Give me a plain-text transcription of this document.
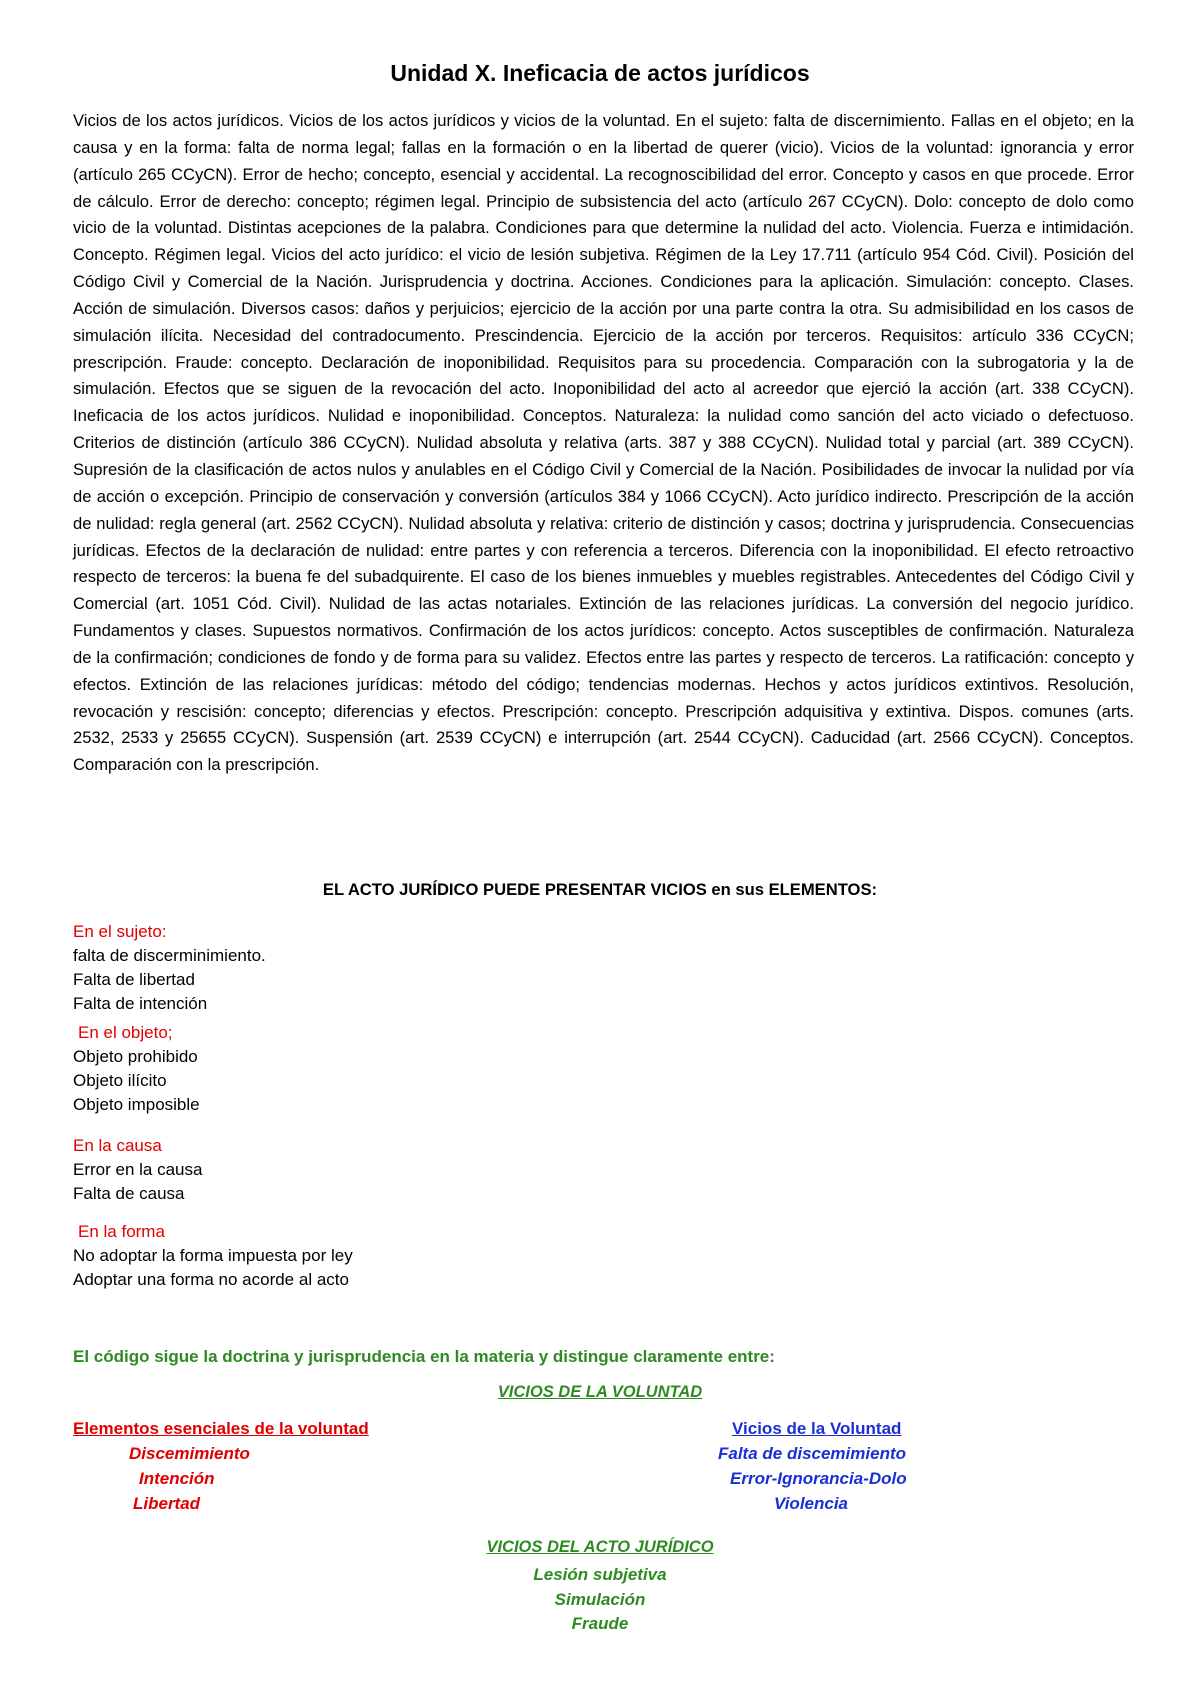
Unidad X. Ineficacia de actos jurídicos
Vicios de los actos jurídicos. Vicios de los actos jurídicos y vicios de la voluntad. En el sujeto: falta de discernimiento. Fallas en el objeto; en la causa y en la forma: falta de norma legal; fallas en la formación o en la libertad de querer (vicio). Vicios de la voluntad: ignorancia y error (artículo 265 CCyCN). Error de hecho; concepto, esencial y accidental. La recognoscibilidad del error. Concepto y casos en que procede. Error de cálculo. Error de derecho: concepto; régimen legal. Principio de subsistencia del acto (artículo 267 CCyCN). Dolo: concepto de dolo como vicio de la voluntad. Distintas acepciones de la palabra. Condiciones para que determine la nulidad del acto. Violencia. Fuerza e intimidación. Concepto. Régimen legal. Vicios del acto jurídico: el vicio de lesión subjetiva. Régimen de la Ley 17.711 (artículo 954 Cód. Civil). Posición del Código Civil y Comercial de la Nación. Jurisprudencia y doctrina. Acciones. Condiciones para la aplicación. Simulación: concepto. Clases. Acción de simulación. Diversos casos: daños y perjuicios; ejercicio de la acción por una parte contra la otra. Su admisibilidad en los casos de simulación ilícita. Necesidad del contradocumento. Prescindencia. Ejercicio de la acción por terceros. Requisitos: artículo 336 CCyCN; prescripción. Fraude: concepto. Declaración de inoponibilidad. Requisitos para su procedencia. Comparación con la subrogatoria y la de simulación. Efectos que se siguen de la revocación del acto. Inoponibilidad del acto al acreedor que ejerció la acción (art. 338 CCyCN). Ineficacia de los actos jurídicos. Nulidad e inoponibilidad. Conceptos. Naturaleza: la nulidad como sanción del acto viciado o defectuoso. Criterios de distinción (artículo 386 CCyCN). Nulidad absoluta y relativa (arts. 387 y 388 CCyCN). Nulidad total y parcial (art. 389 CCyCN). Supresión de la clasificación de actos nulos y anulables en el Código Civil y Comercial de la Nación. Posibilidades de invocar la nulidad por vía de acción o excepción. Principio de conservación y conversión (artículos 384 y 1066 CCyCN). Acto jurídico indirecto. Prescripción de la acción de nulidad: regla general (art. 2562 CCyCN). Nulidad absoluta y relativa: criterio de distinción y casos; doctrina y jurisprudencia. Consecuencias jurídicas. Efectos de la declaración de nulidad: entre partes y con referencia a terceros. Diferencia con la inoponibilidad. El efecto retroactivo respecto de terceros: la buena fe del subadquirente. El caso de los bienes inmuebles y muebles registrables. Antecedentes del Código Civil y Comercial (art. 1051 Cód. Civil). Nulidad de las actas notariales. Extinción de las relaciones jurídicas. La conversión del negocio jurídico. Fundamentos y clases. Supuestos normativos. Confirmación de los actos jurídicos: concepto. Actos susceptibles de confirmación. Naturaleza de la confirmación; condiciones de fondo y de forma para su validez. Efectos entre las partes y respecto de terceros. La ratificación: concepto y efectos. Extinción de las relaciones jurídicas: método del código; tendencias modernas. Hechos y actos jurídicos extintivos. Resolución, revocación y rescisión: concepto; diferencias y efectos. Prescripción: concepto. Prescripción adquisitiva y extintiva. Dispos. comunes (arts. 2532, 2533 y 25655 CCyCN). Suspensión (art. 2539 CCyCN) e interrupción (art. 2544 CCyCN). Caducidad (art. 2566 CCyCN). Conceptos. Comparación con la prescripción.
EL ACTO JURÍDICO PUEDE PRESENTAR VICIOS en sus ELEMENTOS:
En el sujeto:
falta de discerminimiento.
Falta de libertad
Falta de intención
En el objeto;
Objeto prohibido
Objeto ilícito
Objeto imposible
En la causa
Error en la causa
Falta de causa
En la forma
No adoptar la forma impuesta por ley
Adoptar una forma no acorde al acto
El código sigue la doctrina y jurisprudencia en la materia y distingue claramente entre:
VICIOS DE LA VOLUNTAD
Elementos esenciales de la voluntad
Discemimiento
Intención
Libertad
Vicios de la Voluntad
Falta de discemimiento
Error-Ignorancia-Dolo
Violencia
VICIOS DEL ACTO JURÍDICO
Lesión subjetiva
Simulación
Fraude
